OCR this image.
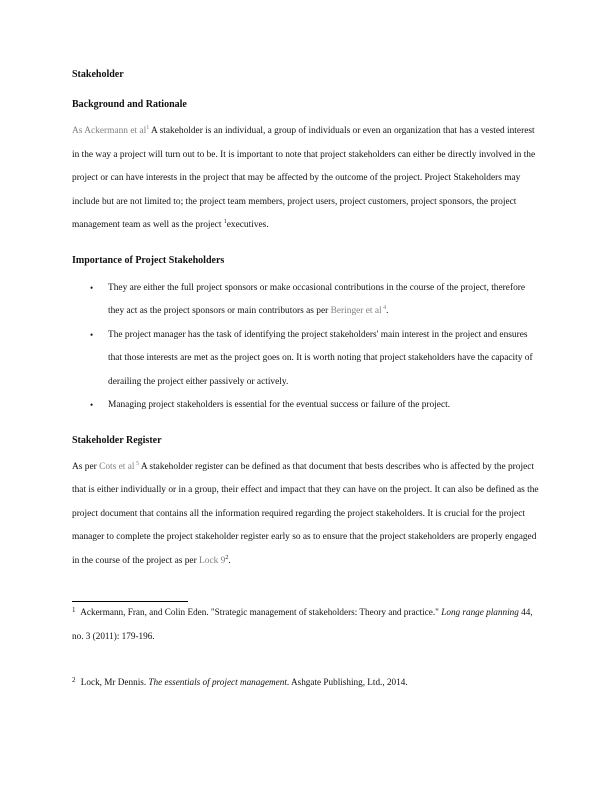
Stakeholder

Background and Rationale

As Ackermann et al$^1$ A stakeholder is an individual, a group of individuals or even an organization that has a vested interest in the way a project will turn out to be. It is important to note that project stakeholders can either be directly involved in the project or can have interests in the project that may be affected by the outcome of the project. Project Stakeholders may include but are not limited to; the project team members, project users, project customers, project sponsors, the project management team as well as the project $^1$executives.

Importance of Project Stakeholders

• They are either the full project sponsors or make occasional contributions in the course of the project, therefore they act as the project sponsors or main contributors as per Beringer et al $^4$.
• The project manager has the task of identifying the project stakeholders' main interest in the project and ensures that those interests are met as the project goes on. It is worth noting that project stakeholders have the capacity of derailing the project either passively or actively.
• Managing project stakeholders is essential for the eventual success or failure of the project.

Stakeholder Register

As per Cots et al $^5$ A stakeholder register can be defined as that document that bests describes who is affected by the project that is either individually or in a group, their effect and impact that they can have on the project. It can also be defined as the project document that contains all the information required regarding the project stakeholders. It is crucial for the project manager to complete the project stakeholder register early so as to ensure that the project stakeholders are properly engaged in the course of the project as per Lock $9^2$.

$^1$ Ackermann, Fran, and Colin Eden. "Strategic management of stakeholders: Theory and practice." Long range planning 44, no. 3 (2011): 179-196.

$^2$ Lock, Mr Dennis. The essentials of project management. Ashgate Publishing, Ltd., 2014.
